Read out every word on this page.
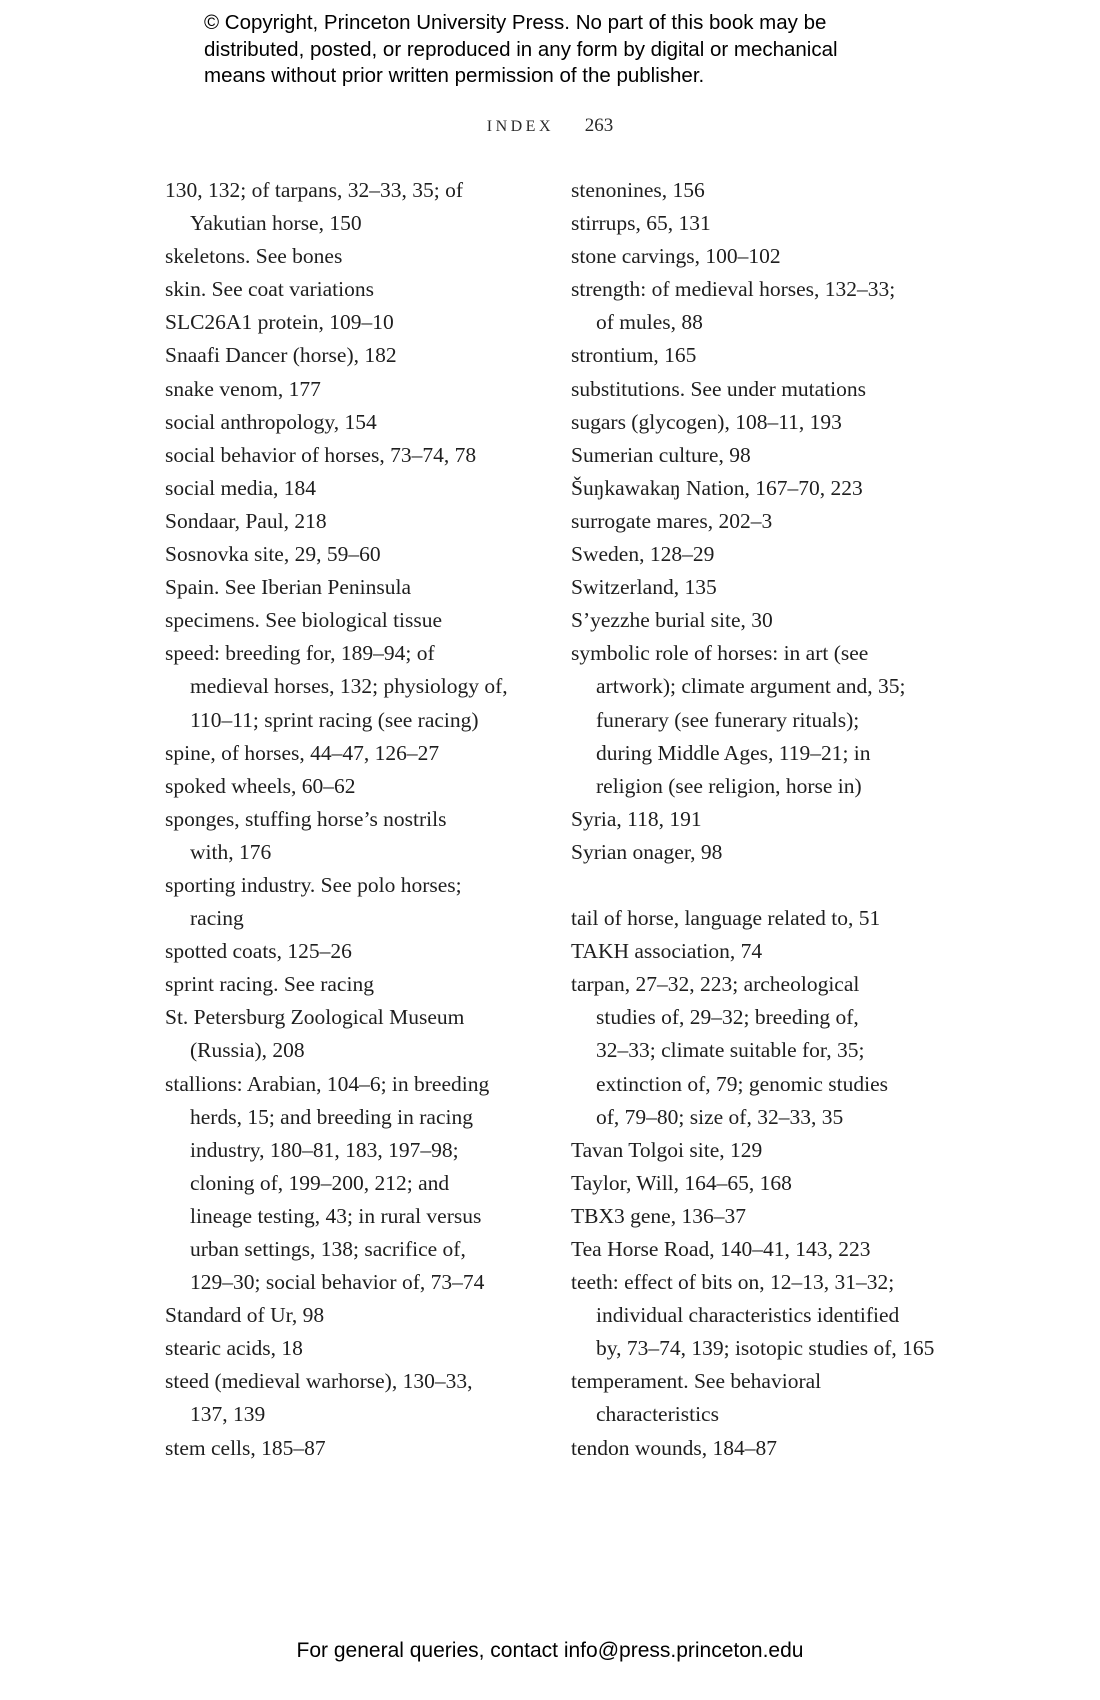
© Copyright, Princeton University Press. No part of this book may be
distributed, posted, or reproduced in any form by digital or mechanical
means without prior written permission of the publisher.
INDEX 263
130, 132; of tarpans, 32–33, 35; of
Yakutian horse, 150
skeletons. See bones
skin. See coat variations
SLC26A1 protein, 109–10
Snaafi Dancer (horse), 182
snake venom, 177
social anthropology, 154
social behavior of horses, 73–74, 78
social media, 184
Sondaar, Paul, 218
Sosnovka site, 29, 59–60
Spain. See Iberian Peninsula
specimens. See biological tissue
speed: breeding for, 189–94; of
medieval horses, 132; physiology of,
110–11; sprint racing (see racing)
spine, of horses, 44–47, 126–27
spoked wheels, 60–62
sponges, stuffing horse’s nostrils
with, 176
sporting industry. See polo horses;
racing
spotted coats, 125–26
sprint racing. See racing
St. Petersburg Zoological Museum
(Russia), 208
stallions: Arabian, 104–6; in breeding
herds, 15; and breeding in racing
industry, 180–81, 183, 197–98;
cloning of, 199–200, 212; and
lineage testing, 43; in rural versus
urban settings, 138; sacrifice of,
129–30; social behavior of, 73–74
Standard of Ur, 98
stearic acids, 18
steed (medieval warhorse), 130–33,
137, 139
stem cells, 185–87
stenonines, 156
stirrups, 65, 131
stone carvings, 100–102
strength: of medieval horses, 132–33;
of mules, 88
strontium, 165
substitutions. See under mutations
sugars (glycogen), 108–11, 193
Sumerian culture, 98
Šuŋkawakaŋ Nation, 167–70, 223
surrogate mares, 202–3
Sweden, 128–29
Switzerland, 135
S’yezzhe burial site, 30
symbolic role of horses: in art (see
artwork); climate argument and, 35;
funerary (see funerary rituals);
during Middle Ages, 119–21; in
religion (see religion, horse in)
Syria, 118, 191
Syrian onager, 98
tail of horse, language related to, 51
TAKH association, 74
tarpan, 27–32, 223; archeological
studies of, 29–32; breeding of,
32–33; climate suitable for, 35;
extinction of, 79; genomic studies
of, 79–80; size of, 32–33, 35
Tavan Tolgoi site, 129
Taylor, Will, 164–65, 168
TBX3 gene, 136–37
Tea Horse Road, 140–41, 143, 223
teeth: effect of bits on, 12–13, 31–32;
individual characteristics identified
by, 73–74, 139; isotopic studies of, 165
temperament. See behavioral
characteristics
tendon wounds, 184–87
For general queries, contact info@press.princeton.edu
